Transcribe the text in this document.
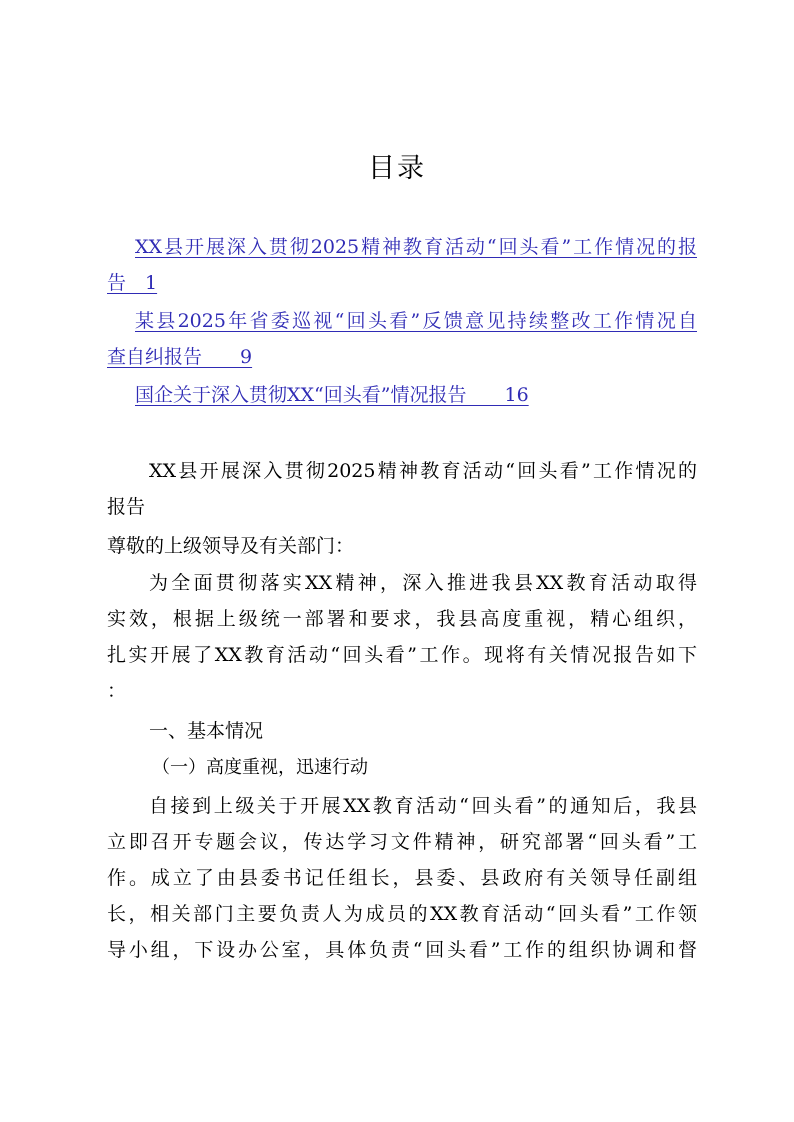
目录
XX县开展深入贯彻2025精神教育活动“回头看”工作情况的报
告　1
某县2025年省委巡视“回头看”反馈意见持续整改工作情况自
查自纠报告　　9
国企关于深入贯彻XX“回头看”情况报告　　16
XX县开展深入贯彻2025精神教育活动“回头看”工作情况的
报告
尊敬的上级领导及有关部门：
为全面贯彻落实XX精神，深入推进我县XX教育活动取得
实效，根据上级统一部署和要求，我县高度重视，精心组织，
扎实开展了XX教育活动“回头看”工作。现将有关情况报告如下
：
一、基本情况
（一）高度重视，迅速行动
自接到上级关于开展XX教育活动“回头看”的通知后，我县
立即召开专题会议，传达学习文件精神，研究部署“回头看”工
作。成立了由县委书记任组长，县委、县政府有关领导任副组
长，相关部门主要负责人为成员的XX教育活动“回头看”工作领
导小组，下设办公室，具体负责“回头看”工作的组织协调和督
